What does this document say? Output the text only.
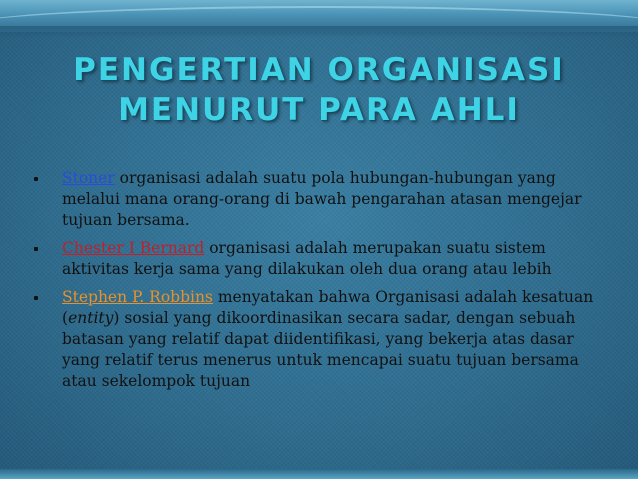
PENGERTIAN ORGANISASI
MENURUT PARA AHLI
Stoner organisasi adalah suatu pola hubungan-hubungan yang melalui mana orang-orang di bawah pengarahan atasan mengejar tujuan bersama.
Chester I Bernard organisasi adalah merupakan suatu sistem aktivitas kerja sama yang dilakukan oleh dua orang atau lebih
Stephen P. Robbins menyatakan bahwa Organisasi adalah kesatuan (entity) sosial yang dikoordinasikan secara sadar, dengan sebuah batasan yang relatif dapat diidentifikasi, yang bekerja atas dasar yang relatif terus menerus untuk mencapai suatu tujuan bersama atau sekelompok tujuan
